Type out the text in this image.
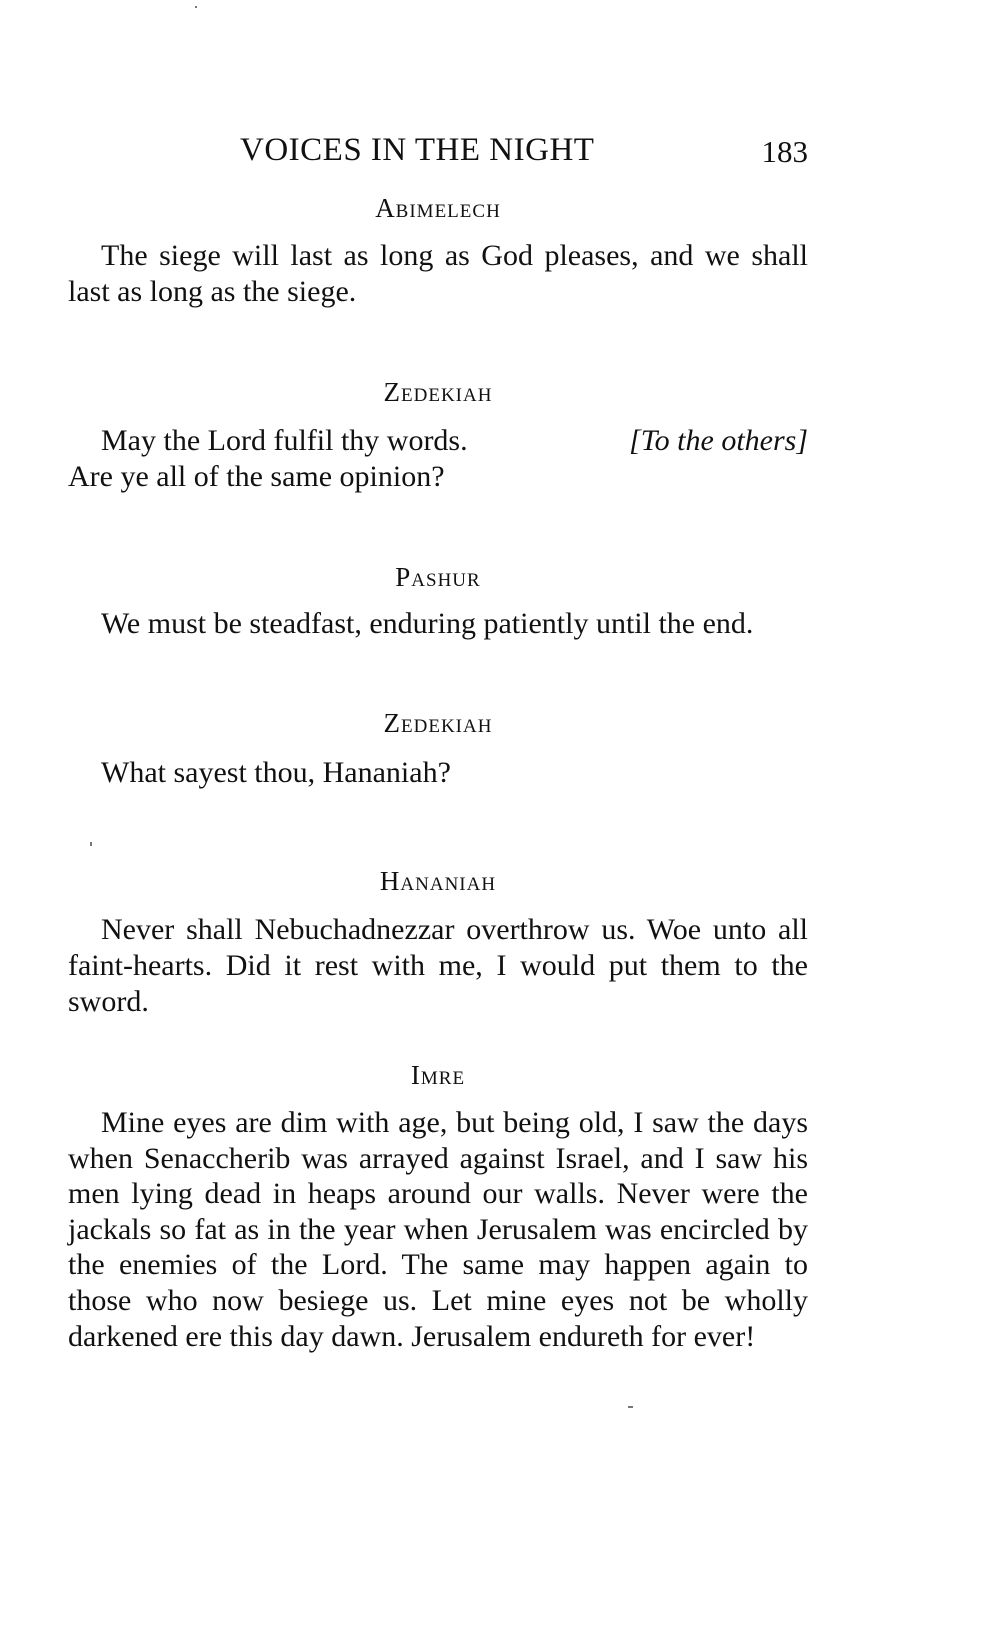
VOICES IN THE NIGHT	183
Abimelech
The siege will last as long as God pleases, and we shall last as long as the siege.
Zedekiah
[To the others]
May the Lord fulfil thy words.
Are ye all of the same opinion?
Pashur
We must be steadfast, enduring patiently until the end.
Zedekiah
What sayest thou, Hananiah?
Hananiah
Never shall Nebuchadnezzar overthrow us. Woe unto all faint-hearts. Did it rest with me, I would put them to the sword.
Imre
Mine eyes are dim with age, but being old, I saw the days when Senaccherib was arrayed against Israel, and I saw his men lying dead in heaps around our walls. Never were the jackals so fat as in the year when Jerusalem was encircled by the enemies of the Lord. The same may happen again to those who now besiege us. Let mine eyes not be wholly darkened ere this day dawn. Jerusalem endureth for ever!
